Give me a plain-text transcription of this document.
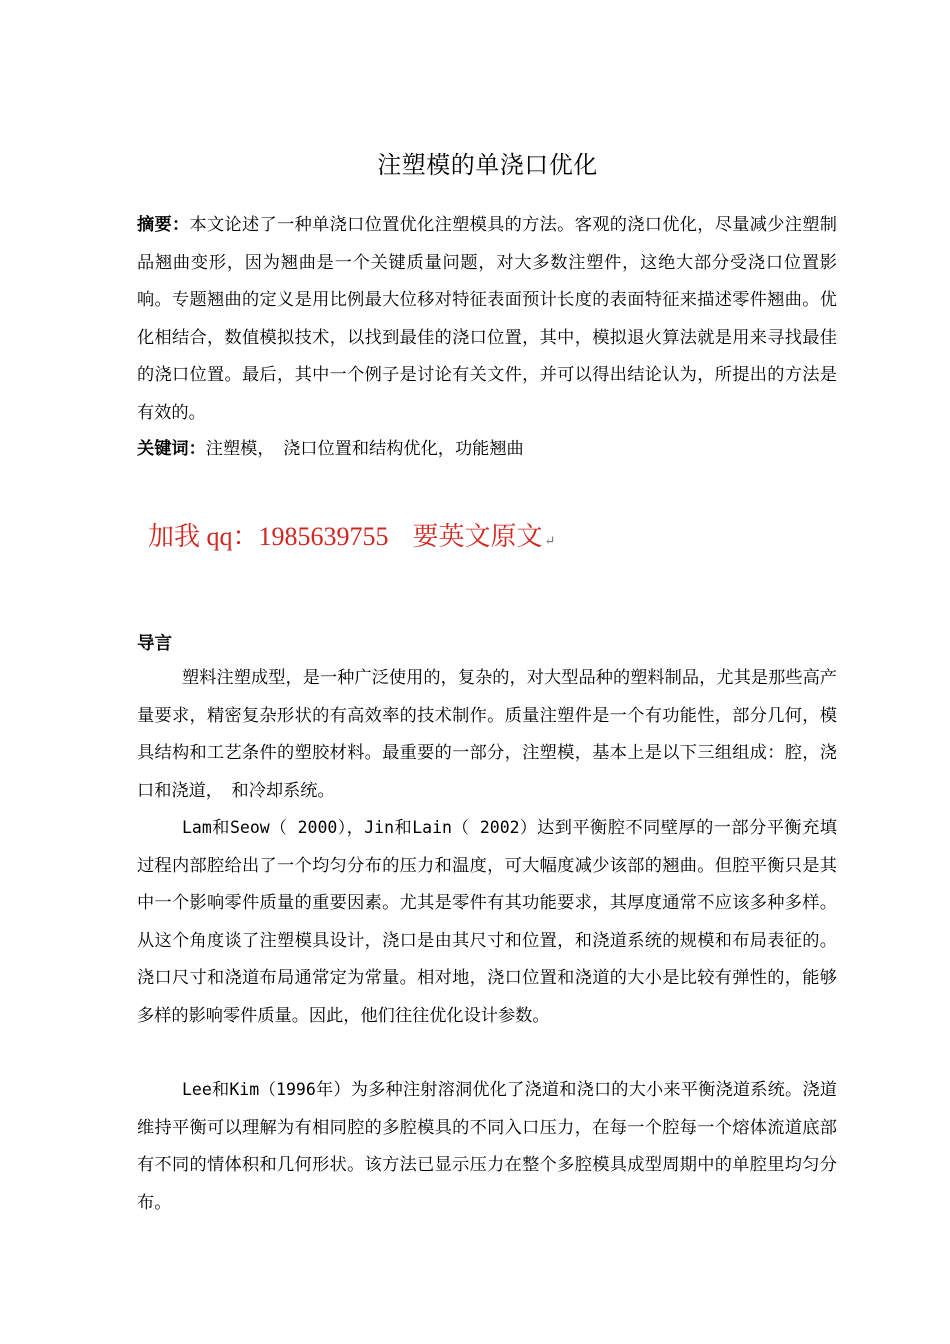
注塑模的单浇口优化
摘要：本文论述了一种单浇口位置优化注塑模具的方法。客观的浇口优化，尽量减少注塑制品翘曲变形，因为翘曲是一个关键质量问题，对大多数注塑件，这绝大部分受浇口位置影响。专题翘曲的定义是用比例最大位移对特征表面预计长度的表面特征来描述零件翘曲。优化相结合，数值模拟技术，以找到最佳的浇口位置，其中，模拟退火算法就是用来寻找最佳的浇口位置。最后，其中一个例子是讨论有关文件，并可以得出结论认为，所提出的方法是有效的。
关键词：注塑模，　浇口位置和结构优化，功能翘曲
加我 qq：1985639755 要英文原文 ↵
导言
塑料注塑成型，是一种广泛使用的，复杂的，对大型品种的塑料制品，尤其是那些高产量要求，精密复杂形状的有高效率的技术制作。质量注塑件是一个有功能性，部分几何，模具结构和工艺条件的塑胶材料。最重要的一部分，注塑模，基本上是以下三组组成：腔，浇口和浇道，　和冷却系统。
Lam和Seow（ 2000），Jin和Lain（ 2002）达到平衡腔不同壁厚的一部分平衡充填过程内部腔给出了一个均匀分布的压力和温度，可大幅度减少该部的翘曲。但腔平衡只是其中一个影响零件质量的重要因素。尤其是零件有其功能要求，其厚度通常不应该多种多样。从这个角度谈了注塑模具设计，浇口是由其尺寸和位置，和浇道系统的规模和布局表征的。浇口尺寸和浇道布局通常定为常量。相对地，浇口位置和浇道的大小是比较有弹性的，能够多样的影响零件质量。因此，他们往往优化设计参数。
Lee和Kim（1996年）为多种注射溶洞优化了浇道和浇口的大小来平衡浇道系统。浇道维持平衡可以理解为有相同腔的多腔模具的不同入口压力，在每一个腔每一个熔体流道底部有不同的情体积和几何形状。该方法已显示压力在整个多腔模具成型周期中的单腔里均匀分布。
